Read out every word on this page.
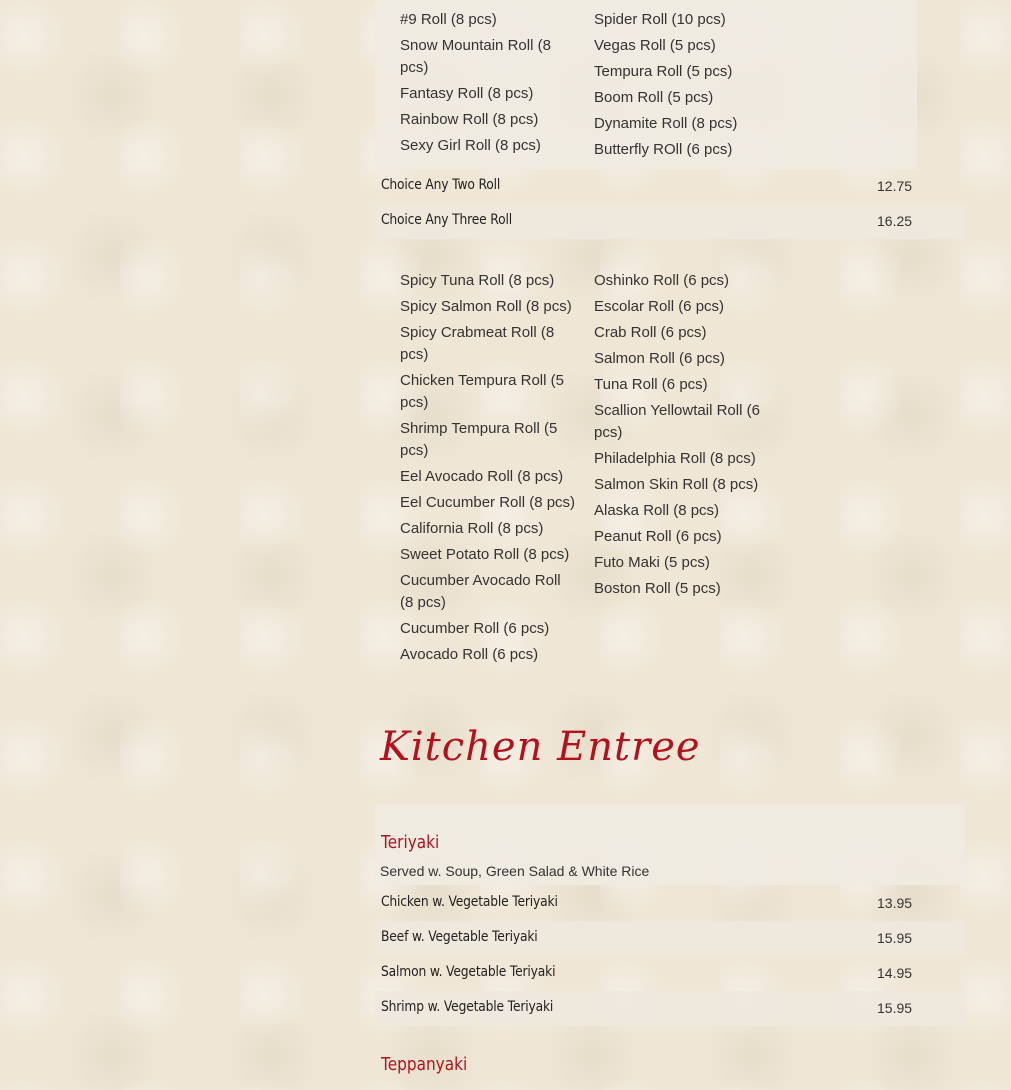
#9 Roll (8 pcs)
Snow Mountain Roll (8 pcs)
Fantasy Roll (8 pcs)
Rainbow Roll (8 pcs)
Sexy Girl Roll (8 pcs)
Spider Roll (10 pcs)
Vegas Roll (5 pcs)
Tempura Roll (5 pcs)
Boom Roll (5 pcs)
Dynamite Roll (8 pcs)
Butterfly ROll (6 pcs)
Choice Any Two Roll	12.75
Choice Any Three Roll	16.25
Spicy Tuna Roll (8 pcs)
Spicy Salmon Roll (8 pcs)
Spicy Crabmeat Roll (8 pcs)
Chicken Tempura Roll (5 pcs)
Shrimp Tempura Roll (5 pcs)
Eel Avocado Roll (8 pcs)
Eel Cucumber Roll (8 pcs)
California Roll (8 pcs)
Sweet Potato Roll (8 pcs)
Cucumber Avocado Roll (8 pcs)
Cucumber Roll (6 pcs)
Avocado Roll (6 pcs)
Oshinko Roll (6 pcs)
Escolar Roll (6 pcs)
Crab Roll (6 pcs)
Salmon Roll (6 pcs)
Tuna Roll (6 pcs)
Scallion Yellowtail Roll (6 pcs)
Philadelphia Roll (8 pcs)
Salmon Skin Roll (8 pcs)
Alaska Roll (8 pcs)
Peanut Roll (6 pcs)
Futo Maki (5 pcs)
Boston Roll (5 pcs)
Kitchen Entree
Teriyaki
Served w. Soup, Green Salad & White Rice
Chicken w. Vegetable Teriyaki	13.95
Beef w. Vegetable Teriyaki	15.95
Salmon w. Vegetable Teriyaki	14.95
Shrimp w. Vegetable Teriyaki	15.95
Teppanyaki
